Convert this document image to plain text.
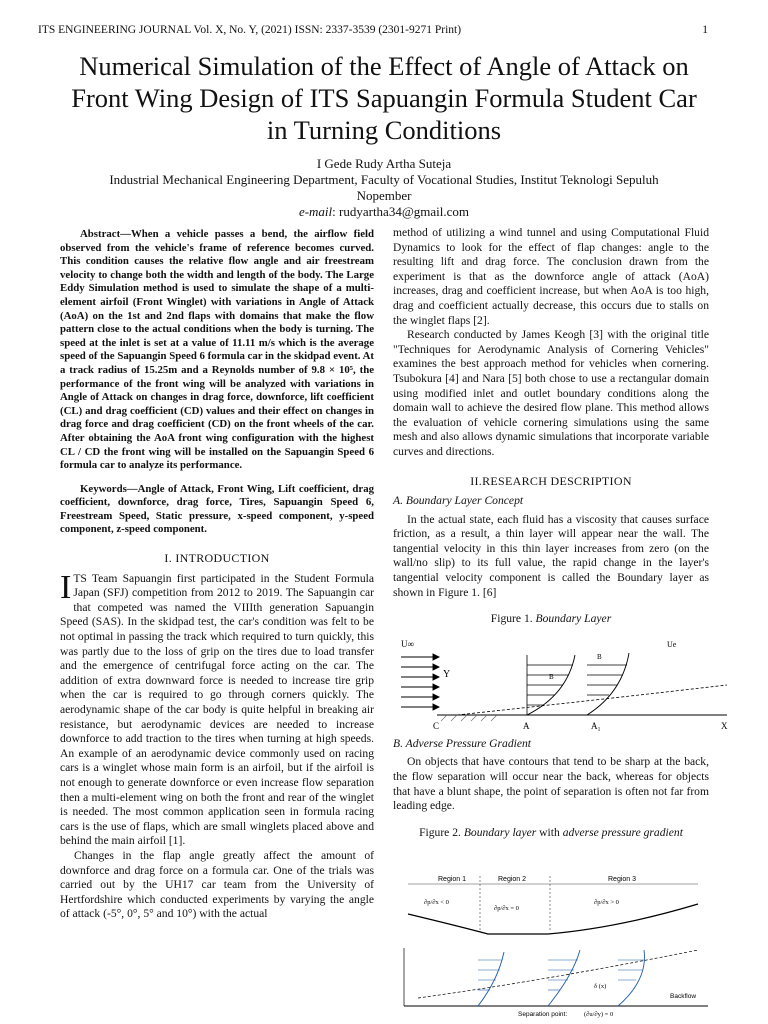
ITS ENGINEERING JOURNAL Vol. X, No. Y, (2021) ISSN: 2337-3539 (2301-9271 Print)	1
Numerical Simulation of the Effect of Angle of Attack on Front Wing Design of ITS Sapuangin Formula Student Car in Turning Conditions
I Gede Rudy Artha Suteja
Industrial Mechanical Engineering Department, Faculty of Vocational Studies, Institut Teknologi Sepuluh Nopember
e-mail: rudyartha34@gmail.com

Abstract—When a vehicle passes a bend, the airflow field observed from the vehicle's frame of reference becomes curved. This condition causes the relative flow angle and air freestream velocity to change both the width and length of the body. The Large Eddy Simulation method is used to simulate the shape of a multi-element airfoil (Front Winglet) with variations in Angle of Attack (AoA) on the 1st and 2nd flaps with domains that make the flow pattern close to the actual conditions when the body is turning. The speed at the inlet is set at a value of 11.11 m/s which is the average speed of the Sapuangin Speed 6 formula car in the skidpad event. At a track radius of 15.25m and a Reynolds number of 9.8 × 10⁵, the performance of the front wing will be analyzed with variations in Angle of Attack on changes in drag force, downforce, lift coefficient (CL) and drag coefficient (CD) values and their effect on changes in drag force and drag coefficient (CD) on the front wheels of the car. After obtaining the AoA front wing configuration with the highest CL / CD the front wing will be installed on the Sapuangin Speed 6 formula car to analyze its performance.

Keywords—Angle of Attack, Front Wing, Lift coefficient, drag coefficient, downforce, drag force, Tires, Sapuangin Speed 6, Freestream Speed, Static pressure, x-speed component, y-speed component, z-speed component.

I. INTRODUCTION

ITS Team Sapuangin first participated in the Student Formula Japan (SFJ) competition from 2012 to 2019. The Sapuangin car that competed was named the VIIIth generation Sapuangin Speed (SAS). In the skidpad test, the car's condition was felt to be not optimal in passing the track which required to turn quickly, this was partly due to the loss of grip on the tires due to load transfer and the emergence of centrifugal force acting on the car. The addition of extra downward force is needed to increase tire grip when the car is required to go through corners quickly. The aerodynamic shape of the car body is quite helpful in breaking air resistance, but aerodynamic devices are needed to increase downforce to add traction to the tires when turning at high speeds. An example of an aerodynamic device commonly used on racing cars is a winglet whose main form is an airfoil, but if the airfoil is not enough to generate downforce or even increase flow separation then a multi-element wing on both the front and rear of the winglet is needed. The most common application seen in formula racing cars is the use of flaps, which are small winglets placed above and behind the main airfoil [1].

Changes in the flap angle greatly affect the amount of downforce and drag force on a formula car. One of the trials was carried out by the UH17 car team from the University of Hertfordshire which conducted experiments by varying the angle of attack (-5°, 0°, 5° and 10°) with the actual

method of utilizing a wind tunnel and using Computational Fluid Dynamics to look for the effect of flap changes: angle to the resulting lift and drag force. The conclusion drawn from the experiment is that as the downforce angle of attack (AoA) increases, drag and coefficient increase, but when AoA is too high, drag and coefficient actually decrease, this occurs due to stalls on the winglet flaps [2].

Research conducted by James Keogh [3] with the original title "Techniques for Aerodynamic Analysis of Cornering Vehicles" examines the best approach method for vehicles when cornering. Tsubokura [4] and Nara [5] both chose to use a rectangular domain using modified inlet and outlet boundary conditions along the domain wall to achieve the desired flow plane. This method allows the evaluation of vehicle cornering simulations using the same mesh and also allows dynamic simulations that incorporate variable curves and directions.

II.RESEARCH DESCRIPTION
A. Boundary Layer Concept

In the actual state, each fluid has a viscosity that causes surface friction, as a result, a thin layer will appear near the wall. The tangential velocity in this thin layer increases from zero (on the wall/no slip) to its full value, the rapid change in the layer's tangential velocity component is called the Boundary layer as shown in Figure 1. [6]

Figure 1. Boundary Layer
U∞
Y	B
B
Ue
C	A	A₁	X
B. Adverse Pressure Gradient

On objects that have contours that tend to be sharp at the back, the flow separation will occur near the back, whereas for objects that have a blunt shape, the point of separation is often not far from leading edge.

Figure 2. Boundary layer with adverse pressure gradient
Region 1	Region 2	Region 3
∂p/∂x < 0
∂p/∂x = 0
∂p/∂x > 0
δ (x)
Backflow
Separation point:	(∂u/∂y) = 0
